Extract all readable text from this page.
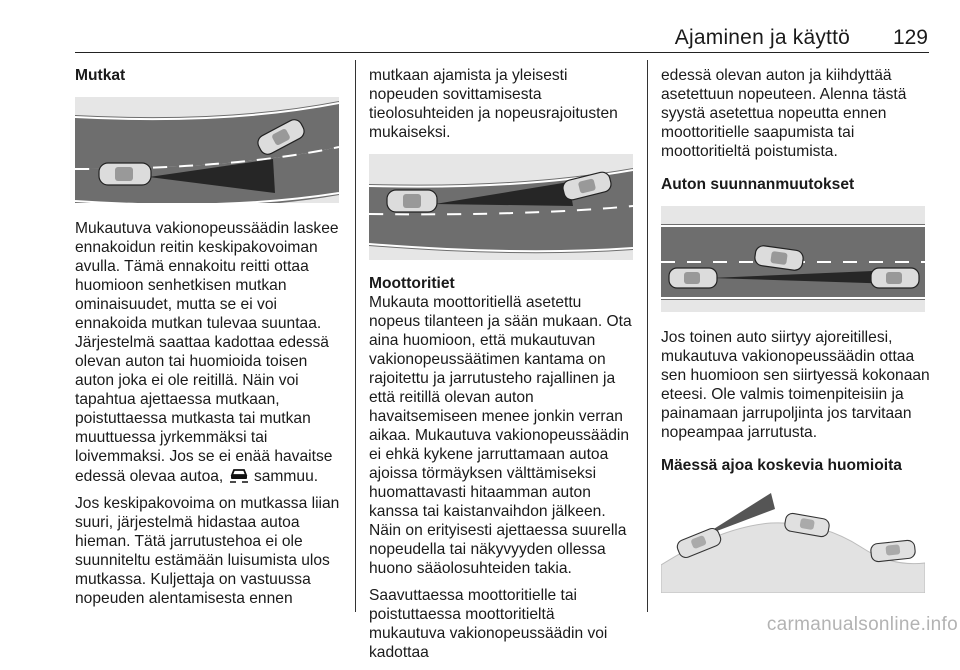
Ajaminen ja käyttö	129
Mutkat

Mukautuva vakionopeussäädin laskee ennakoidun reitin keskipakovoiman avulla. Tämä ennakoitu reitti ottaa huomioon senhetkisen mutkan ominaisuudet, mutta se ei voi ennakoida mutkan tulevaa suuntaa. Järjestelmä saattaa kadottaa edessä olevan auton tai huomioida toisen auton joka ei ole reitillä. Näin voi tapahtua ajettaessa mutkaan, poistuttaessa mutkasta tai mutkan muuttuessa jyrkemmäksi tai loivemmaksi. Jos se ei enää havaitse edessä olevaa autoa, sammuu.

Jos keskipakovoima on mutkassa liian suuri, järjestelmä hidastaa autoa hieman. Tätä jarrutustehoa ei ole suunniteltu estämään luisumista ulos mutkassa. Kuljettaja on vastuussa nopeuden alentamisesta ennen

mutkaan ajamista ja yleisesti nopeuden sovittamisesta tieolosuhteiden ja nopeusrajoitusten mukaiseksi.

Moottoritiet

Mukauta moottoritiellä asetettu nopeus tilanteen ja sään mukaan. Ota aina huomioon, että mukautuvan vakionopeussäätimen kantama on rajoitettu ja jarrutusteho rajallinen ja että reitillä olevan auton havaitsemiseen menee jonkin verran aikaa. Mukautuva vakionopeussäädin ei ehkä kykene jarruttamaan autoa ajoissa törmäyksen välttämiseksi huomattavasti hitaamman auton kanssa tai kaistanvaihdon jälkeen. Näin on erityisesti ajettaessa suurella nopeudella tai näkyvyyden ollessa huono sääolosuhteiden takia.

Saavuttaessa moottoritielle tai poistuttaessa moottoritieltä mukautuva vakionopeussäädin voi kadottaa

edessä olevan auton ja kiihdyttää asetettuun nopeuteen. Alenna tästä syystä asetettua nopeutta ennen moottoritielle saapumista tai moottoritieltä poistumista.

Auton suunnanmuutokset

Jos toinen auto siirtyy ajoreitillesi, mukautuva vakionopeussäädin ottaa sen huomioon sen siirtyessä kokonaan eteesi. Ole valmis toimenpiteisiin ja painamaan jarrupoljinta jos tarvitaan nopeampaa jarrutusta.

Mäessä ajoa koskevia huomioita
carmanualsonline.info
